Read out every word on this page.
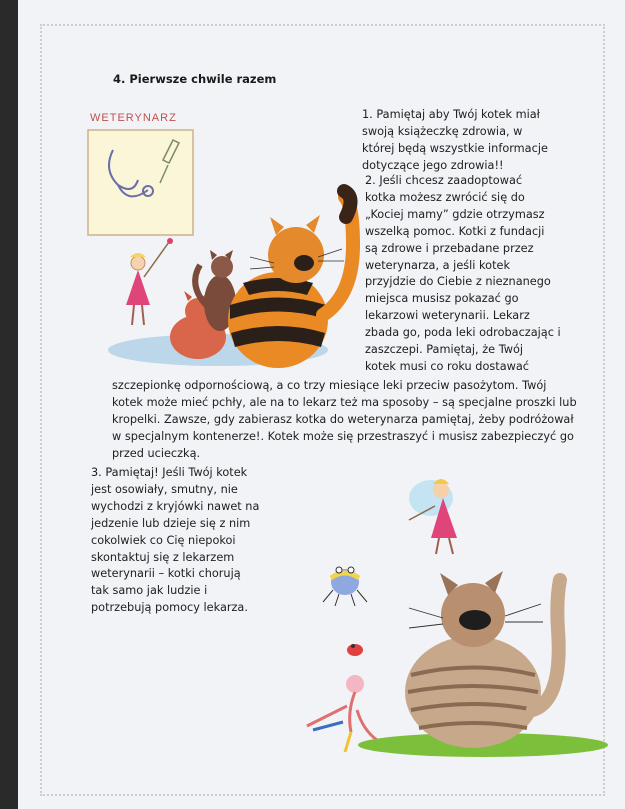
4. Pierwsze chwile razem
WETERYNARZ	1. Pamiętaj aby Twój kotek miał
swoją książeczkę zdrowia, w
której będą wszystkie informacje
dotyczące jego zdrowia!!
2. Jeśli chcesz zaadoptować
kotka możesz zwrócić się do
„Kociej mamy” gdzie otrzymasz
wszelką pomoc. Kotki z fundacji
są zdrowe i przebadane przez
weterynarza, a jeśli kotek
przyjdzie do Ciebie z nieznanego
miejsca musisz pokazać go
lekarzowi weterynarii. Lekarz
zbada go, poda leki odrobaczając i
zaszczepi. Pamiętaj, że Twój
kotek musi co roku dostawać
szczepionkę odpornościową, a co trzy miesiące leki przeciw pasożytom. Twój
kotek może mieć pchły, ale na to lekarz też ma sposoby – są specjalne proszki lub
kropelki. Zawsze, gdy zabierasz kotka do weterynarza pamiętaj, żeby podróżował
w specjalnym kontenerze!. Kotek może się przestraszyć i musisz zabezpieczyć go
przed ucieczką.
3. Pamiętaj! Jeśli Twój kotek
jest osowiały, smutny, nie
wychodzi z kryjówki nawet na
jedzenie lub dzieje się z nim
cokolwiek co Cię niepokoi
skontaktuj się z lekarzem
weterynarii – kotki chorują
tak samo jak ludzie i
potrzebują pomocy lekarza.
